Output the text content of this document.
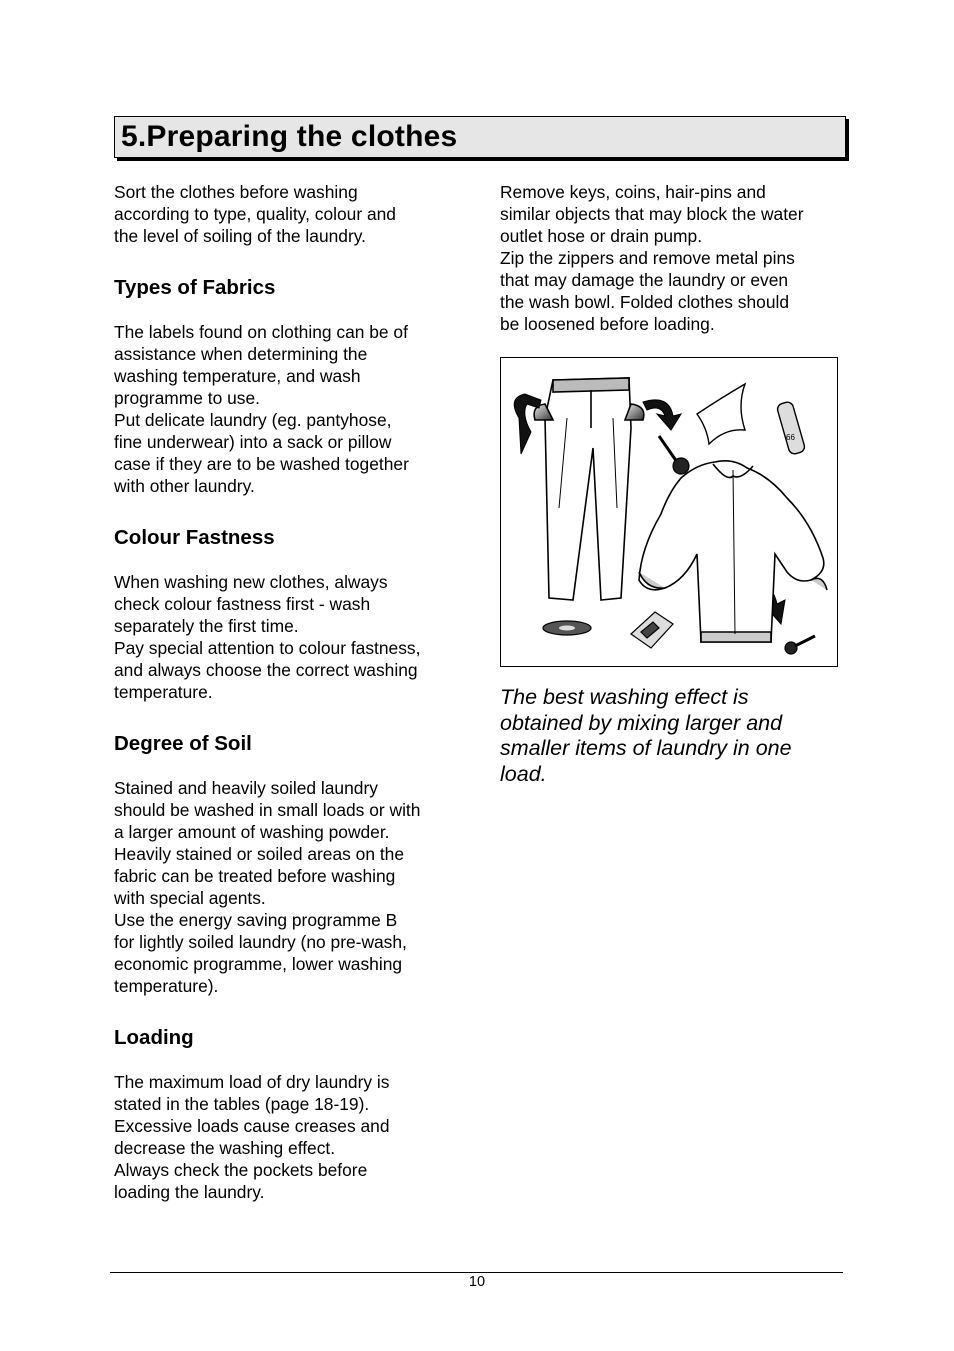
5.Preparing the clothes

Sort the clothes before washing
according to type, quality, colour and
the level of soiling of the laundry.

Types of Fabrics

The labels found on clothing can be of
assistance when determining the
washing temperature, and wash
programme to use.
Put delicate laundry (eg. pantyhose,
fine underwear) into a sack or pillow
case if they are to be washed together
with other laundry.

Colour Fastness

When washing new clothes, always
check colour fastness first - wash
separately the first time.
Pay special attention to colour fastness,
and always choose the correct washing
temperature.

Degree of Soil

Stained and heavily soiled laundry
should be washed in small loads or with
a larger amount of washing powder.
Heavily stained or soiled areas on the
fabric can be treated before washing
with special agents.
Use the energy saving programme B
for lightly soiled laundry (no pre-wash,
economic programme, lower washing
temperature).

Loading

The maximum load of dry laundry is
stated in the tables (page 18-19).
Excessive loads cause creases and
decrease the washing effect.
Always check the pockets before
loading the laundry.

Remove keys, coins, hair-pins and
similar objects that may block the water
outlet hose or drain pump.
Zip the zippers and remove metal pins
that may damage the laundry or even
the wash bowl. Folded clothes should
be loosened before loading.

66

The best washing effect is
obtained by mixing larger and
smaller items of laundry in one
load.

10
